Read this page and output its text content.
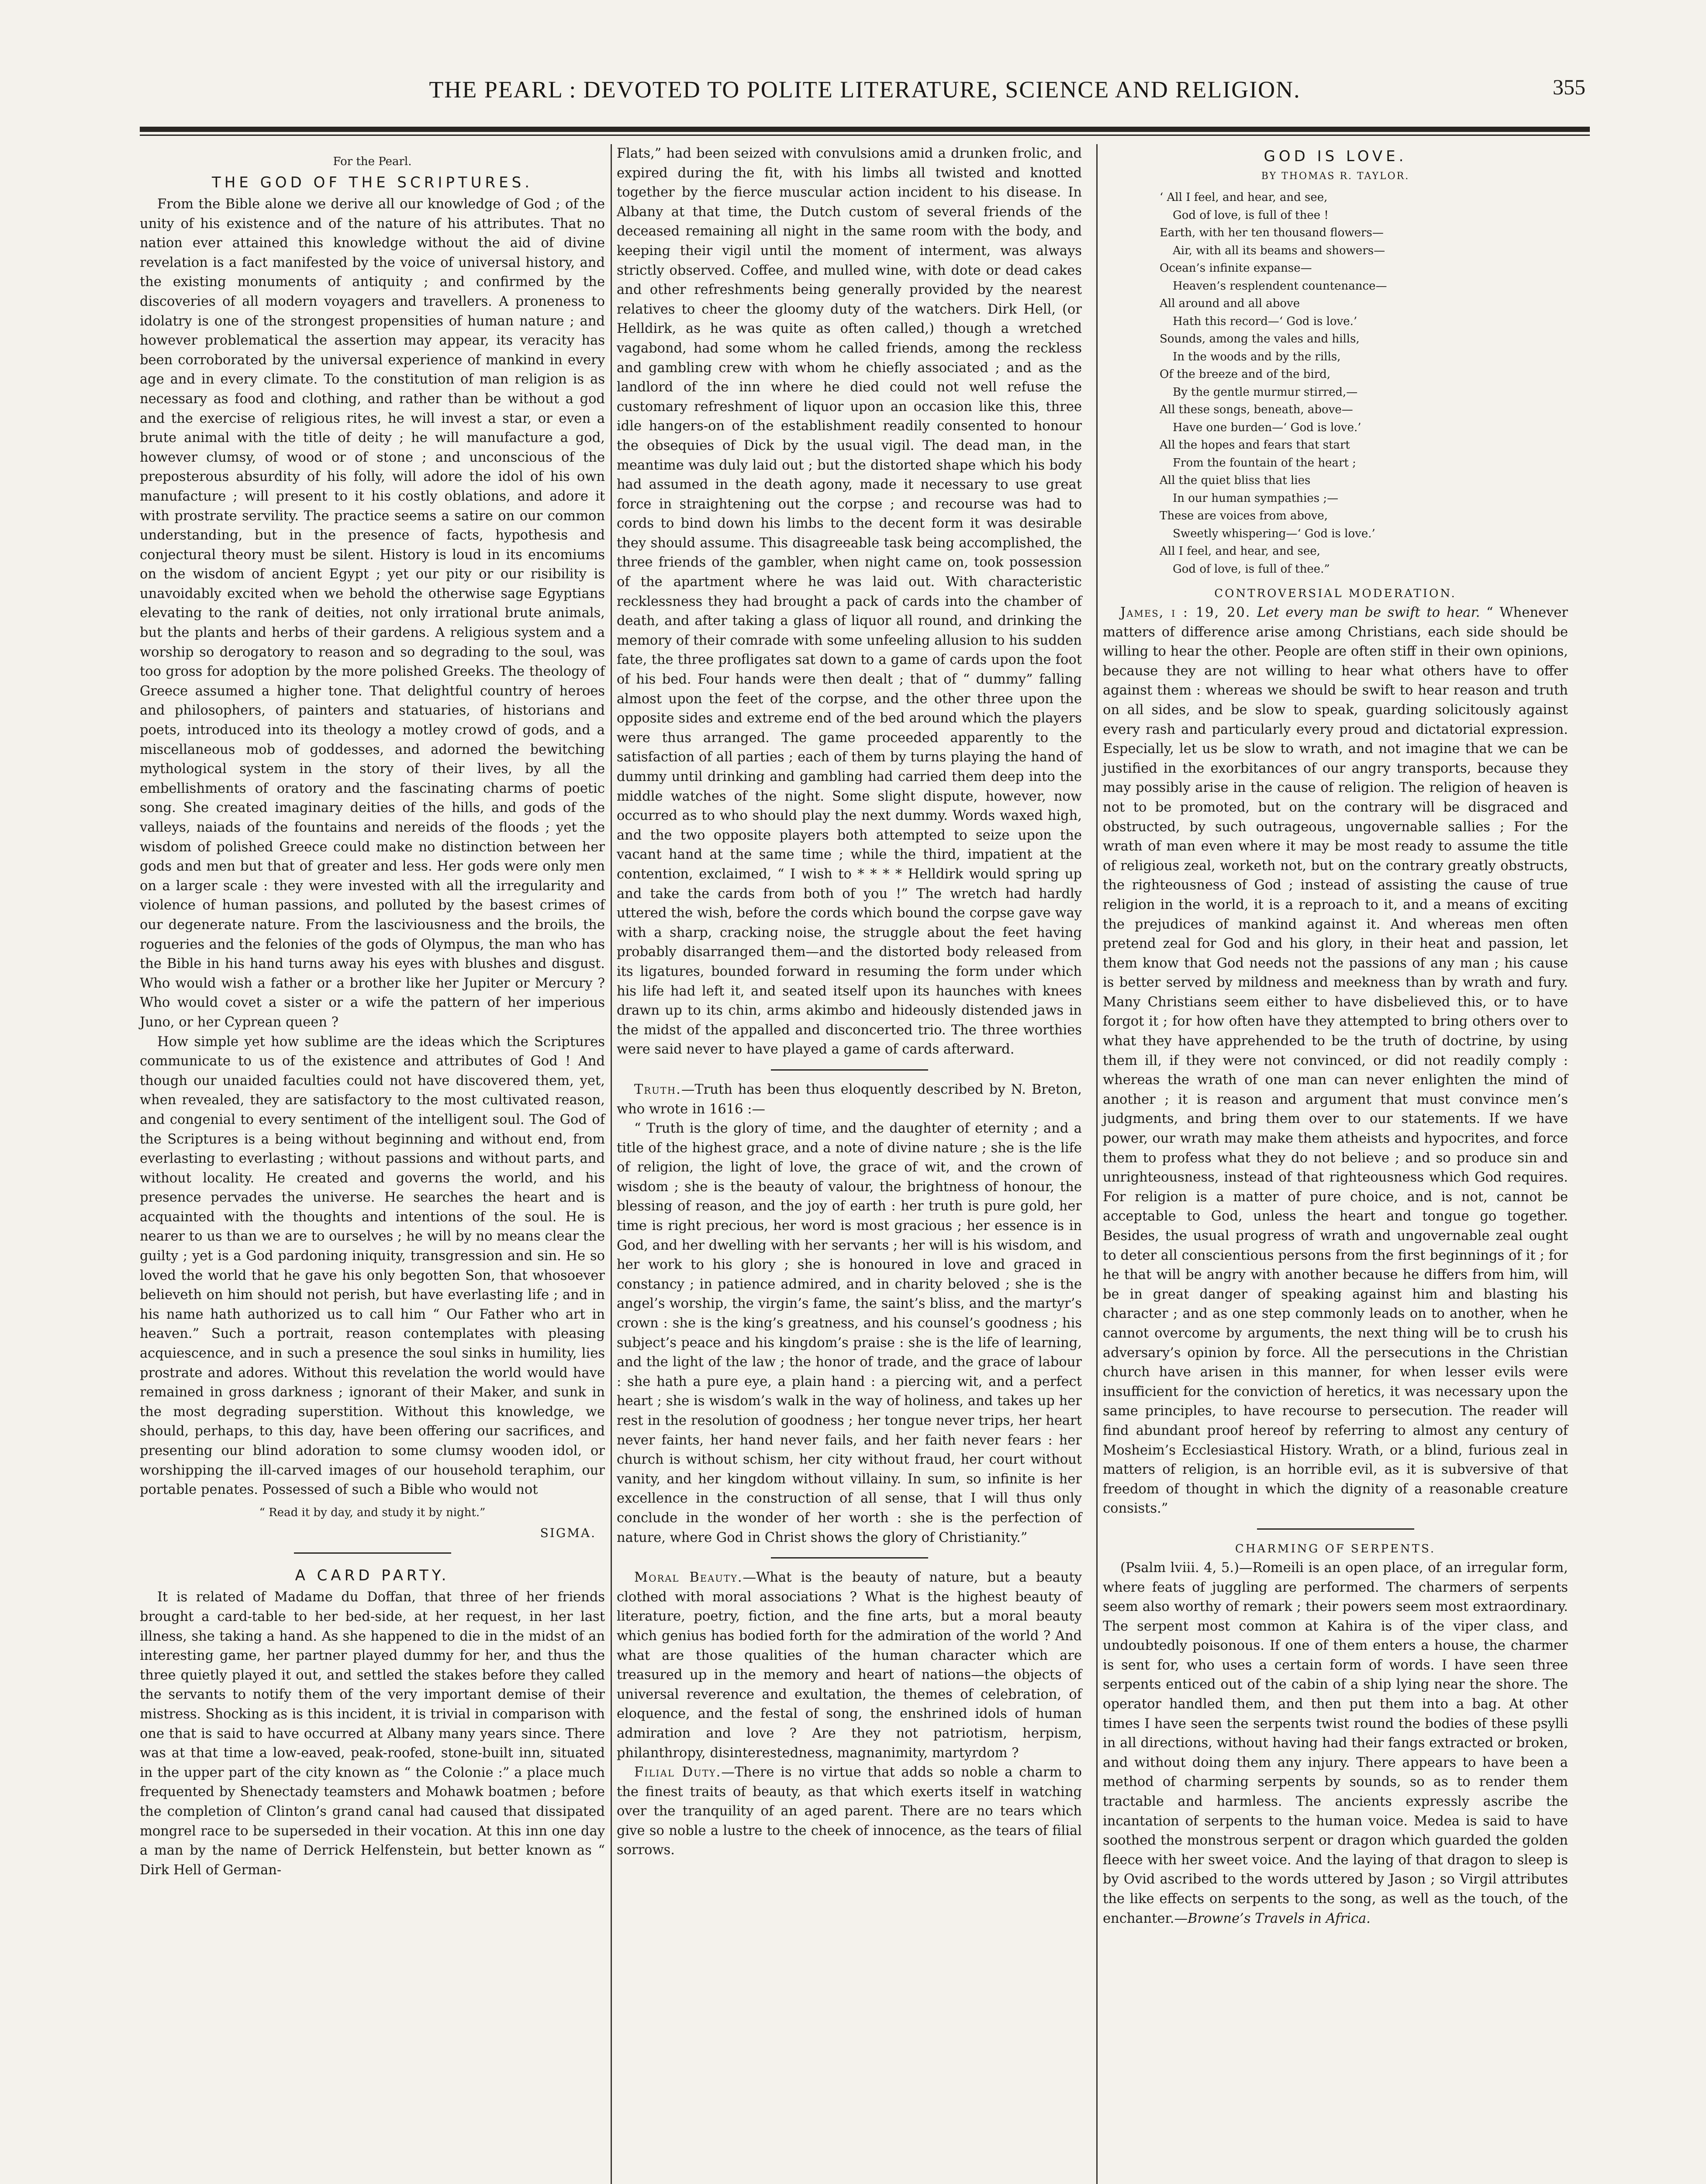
THE PEARL : DEVOTED TO POLITE LITERATURE, SCIENCE AND RELIGION.	355

For the Pearl.

THE GOD OF THE SCRIPTURES.

From the Bible alone we derive all our knowledge of God ; of the unity of his existence and of the nature of his attributes. That no nation ever attained this knowledge without the aid of divine revelation is a fact manifested by the voice of universal history, and the existing monuments of antiquity ; and confirmed by the discoveries of all modern voyagers and travellers. A proneness to idolatry is one of the strongest propensities of human nature ; and however problematical the assertion may appear, its veracity has been corroborated by the universal experience of mankind in every age and in every climate. To the constitution of man religion is as necessary as food and clothing, and rather than be without a god and the exercise of religious rites, he will invest a star, or even a brute animal with the title of deity ; he will manufacture a god, however clumsy, of wood or of stone ; and unconscious of the preposterous absurdity of his folly, will adore the idol of his own manufacture ; will present to it his costly oblations, and adore it with prostrate servility. The practice seems a satire on our common understanding, but in the presence of facts, hypothesis and conjectural theory must be silent. History is loud in its encomiums on the wisdom of ancient Egypt ; yet our pity or our risibility is unavoidably excited when we behold the otherwise sage Egyptians elevating to the rank of deities, not only irrational brute animals, but the plants and herbs of their gardens. A religious system and a worship so derogatory to reason and so degrading to the soul, was too gross for adoption by the more polished Greeks. The theology of Greece assumed a higher tone. That delightful country of heroes and philosophers, of painters and statuaries, of historians and poets, introduced into its theology a motley crowd of gods, and a miscellaneous mob of goddesses, and adorned the bewitching mythological system in the story of their lives, by all the embellishments of oratory and the fascinating charms of poetic song. She created imaginary deities of the hills, and gods of the valleys, naiads of the fountains and nereids of the floods ; yet the wisdom of polished Greece could make no distinction between her gods and men but that of greater and less. Her gods were only men on a larger scale : they were invested with all the irregularity and violence of human passions, and polluted by the basest crimes of our degenerate nature. From the lasciviousness and the broils, the rogueries and the felonies of the gods of Olympus, the man who has the Bible in his hand turns away his eyes with blushes and disgust. Who would wish a father or a brother like her Jupiter or Mercury ? Who would covet a sister or a wife the pattern of her imperious Juno, or her Cyprean queen ?

How simple yet how sublime are the ideas which the Scriptures communicate to us of the existence and attributes of God ! And though our unaided faculties could not have discovered them, yet, when revealed, they are satisfactory to the most cultivated reason, and congenial to every sentiment of the intelligent soul. The God of the Scriptures is a being without beginning and without end, from everlasting to everlasting ; without passions and without parts, and without locality. He created and governs the world, and his presence pervades the universe. He searches the heart and is acquainted with the thoughts and intentions of the soul. He is nearer to us than we are to ourselves ; he will by no means clear the guilty ; yet is a God pardoning iniquity, transgression and sin. He so loved the world that he gave his only begotten Son, that whosoever believeth on him should not perish, but have everlasting life ; and in his name hath authorized us to call him “ Our Father who art in heaven.” Such a portrait, reason contemplates with pleasing acquiescence, and in such a presence the soul sinks in humility, lies prostrate and adores. Without this revelation the world would have remained in gross darkness ; ignorant of their Maker, and sunk in the most degrading superstition. Without this knowledge, we should, perhaps, to this day, have been offering our sacrifices, and presenting our blind adoration to some clumsy wooden idol, or worshipping the ill-carved images of our household teraphim, our portable penates. Possessed of such a Bible who would not

“ Read it by day, and study it by night.”

SIGMA.

A CARD PARTY.

It is related of Madame du Doffan, that three of her friends brought a card-table to her bed-side, at her request, in her last illness, she taking a hand. As she happened to die in the midst of an interesting game, her partner played dummy for her, and thus the three quietly played it out, and settled the stakes before they called the servants to notify them of the very important demise of their mistress. Shocking as is this incident, it is trivial in comparison with one that is said to have occurred at Albany many years since. There was at that time a low-eaved, peak-roofed, stone-built inn, situated in the upper part of the city known as “ the Colonie :” a place much frequented by Shenectady teamsters and Mohawk boatmen ; before the completion of Clinton’s grand canal had caused that dissipated mongrel race to be superseded in their vocation. At this inn one day a man by the name of Derrick Helfenstein, but better known as “ Dirk Hell of German-

Flats,” had been seized with convulsions amid a drunken frolic, and expired during the fit, with his limbs all twisted and knotted together by the fierce muscular action incident to his disease. In Albany at that time, the Dutch custom of several friends of the deceased remaining all night in the same room with the body, and keeping their vigil until the moment of interment, was always strictly observed. Coffee, and mulled wine, with dote or dead cakes and other refreshments being generally provided by the nearest relatives to cheer the gloomy duty of the watchers. Dirk Hell, (or Helldirk, as he was quite as often called,) though a wretched vagabond, had some whom he called friends, among the reckless and gambling crew with whom he chiefly associated ; and as the landlord of the inn where he died could not well refuse the customary refreshment of liquor upon an occasion like this, three idle hangers-on of the establishment readily consented to honour the obsequies of Dick by the usual vigil. The dead man, in the meantime was duly laid out ; but the distorted shape which his body had assumed in the death agony, made it necessary to use great force in straightening out the corpse ; and recourse was had to cords to bind down his limbs to the decent form it was desirable they should assume. This disagreeable task being accomplished, the three friends of the gambler, when night came on, took possession of the apartment where he was laid out. With characteristic recklessness they had brought a pack of cards into the chamber of death, and after taking a glass of liquor all round, and drinking the memory of their comrade with some unfeeling allusion to his sudden fate, the three profligates sat down to a game of cards upon the foot of his bed. Four hands were then dealt ; that of “ dummy” falling almost upon the feet of the corpse, and the other three upon the opposite sides and extreme end of the bed around which the players were thus arranged. The game proceeded apparently to the satisfaction of all parties ; each of them by turns playing the hand of dummy until drinking and gambling had carried them deep into the middle watches of the night. Some slight dispute, however, now occurred as to who should play the next dummy. Words waxed high, and the two opposite players both attempted to seize upon the vacant hand at the same time ; while the third, impatient at the contention, exclaimed, “ I wish to * * * * Helldirk would spring up and take the cards from both of you !” The wretch had hardly uttered the wish, before the cords which bound the corpse gave way with a sharp, cracking noise, the struggle about the feet having probably disarranged them—and the distorted body released from its ligatures, bounded forward in resuming the form under which his life had left it, and seated itself upon its haunches with knees drawn up to its chin, arms akimbo and hideously distended jaws in the midst of the appalled and disconcerted trio. The three worthies were said never to have played a game of cards afterward.

Truth.—Truth has been thus eloquently described by N. Breton, who wrote in 1616 :—

“ Truth is the glory of time, and the daughter of eternity ; and a title of the highest grace, and a note of divine nature ; she is the life of religion, the light of love, the grace of wit, and the crown of wisdom ; she is the beauty of valour, the brightness of honour, the blessing of reason, and the joy of earth : her truth is pure gold, her time is right precious, her word is most gracious ; her essence is in God, and her dwelling with her servants ; her will is his wisdom, and her work to his glory ; she is honoured in love and graced in constancy ; in patience admired, and in charity beloved ; she is the angel’s worship, the virgin’s fame, the saint’s bliss, and the martyr’s crown : she is the king’s greatness, and his counsel’s goodness ; his subject’s peace and his kingdom’s praise : she is the life of learning, and the light of the law ; the honor of trade, and the grace of labour : she hath a pure eye, a plain hand : a piercing wit, and a perfect heart ; she is wisdom’s walk in the way of holiness, and takes up her rest in the resolution of goodness ; her tongue never trips, her heart never faints, her hand never fails, and her faith never fears : her church is without schism, her city without fraud, her court without vanity, and her kingdom without villainy. In sum, so infinite is her excellence in the construction of all sense, that I will thus only conclude in the wonder of her worth : she is the perfection of nature, where God in Christ shows the glory of Christianity.”

Moral Beauty.—What is the beauty of nature, but a beauty clothed with moral associations ? What is the highest beauty of literature, poetry, fiction, and the fine arts, but a moral beauty which genius has bodied forth for the admiration of the world ? And what are those qualities of the human character which are treasured up in the memory and heart of nations—the objects of universal reverence and exultation, the themes of celebration, of eloquence, and the festal of song, the enshrined idols of human admiration and love ? Are they not patriotism, herpism, philanthropy, disinterestedness, magnanimity, martyrdom ?

Filial Duty.—There is no virtue that adds so noble a charm to the finest traits of beauty, as that which exerts itself in watching over the tranquility of an aged parent. There are no tears which give so noble a lustre to the cheek of innocence, as the tears of filial sorrows.

GOD IS LOVE.

BY THOMAS R. TAYLOR.

‘ All I feel, and hear, and see,
God of love, is full of thee !
Earth, with her ten thousand flowers—
Air, with all its beams and showers—
Ocean’s infinite expanse—
Heaven’s resplendent countenance—
All around and all above
Hath this record—‘ God is love.’
Sounds, among the vales and hills,
In the woods and by the rills,
Of the breeze and of the bird,
By the gentle murmur stirred,—
All these songs, beneath, above—
Have one burden—‘ God is love.’
All the hopes and fears that start
From the fountain of the heart ;
All the quiet bliss that lies
In our human sympathies ;—
These are voices from above,
Sweetly whispering—‘ God is love.’
All I feel, and hear, and see,
God of love, is full of thee.”

CONTROVERSIAL MODERATION.

James, i : 19, 20. Let every man be swift to hear. “ Whenever matters of difference arise among Christians, each side should be willing to hear the other. People are often stiff in their own opinions, because they are not willing to hear what others have to offer against them : whereas we should be swift to hear reason and truth on all sides, and be slow to speak, guarding solicitously against every rash and particularly every proud and dictatorial expression. Especially, let us be slow to wrath, and not imagine that we can be justified in the exorbitances of our angry transports, because they may possibly arise in the cause of religion. The religion of heaven is not to be promoted, but on the contrary will be disgraced and obstructed, by such outrageous, ungovernable sallies ; For the wrath of man even where it may be most ready to assume the title of religious zeal, worketh not, but on the contrary greatly obstructs, the righteousness of God ; instead of assisting the cause of true religion in the world, it is a reproach to it, and a means of exciting the prejudices of mankind against it. And whereas men often pretend zeal for God and his glory, in their heat and passion, let them know that God needs not the passions of any man ; his cause is better served by mildness and meekness than by wrath and fury. Many Christians seem either to have disbelieved this, or to have forgot it ; for how often have they attempted to bring others over to what they have apprehended to be the truth of doctrine, by using them ill, if they were not convinced, or did not readily comply : whereas the wrath of one man can never enlighten the mind of another ; it is reason and argument that must convince men’s judgments, and bring them over to our statements. If we have power, our wrath may make them atheists and hypocrites, and force them to profess what they do not believe ; and so produce sin and unrighteousness, instead of that righteousness which God requires. For religion is a matter of pure choice, and is not, cannot be acceptable to God, unless the heart and tongue go together. Besides, the usual progress of wrath and ungovernable zeal ought to deter all conscientious persons from the first beginnings of it ; for he that will be angry with another because he differs from him, will be in great danger of speaking against him and blasting his character ; and as one step commonly leads on to another, when he cannot overcome by arguments, the next thing will be to crush his adversary’s opinion by force. All the persecutions in the Christian church have arisen in this manner, for when lesser evils were insufficient for the conviction of heretics, it was necessary upon the same principles, to have recourse to persecution. The reader will find abundant proof hereof by referring to almost any century of Mosheim’s Ecclesiastical History. Wrath, or a blind, furious zeal in matters of religion, is an horrible evil, as it is subversive of that freedom of thought in which the dignity of a reasonable creature consists.”

CHARMING OF SERPENTS.

(Psalm lviii. 4, 5.)—Romeili is an open place, of an irregular form, where feats of juggling are performed. The charmers of serpents seem also worthy of remark ; their powers seem most extraordinary. The serpent most common at Kahira is of the viper class, and undoubtedly poisonous. If one of them enters a house, the charmer is sent for, who uses a certain form of words. I have seen three serpents enticed out of the cabin of a ship lying near the shore. The operator handled them, and then put them into a bag. At other times I have seen the serpents twist round the bodies of these psylli in all directions, without having had their fangs extracted or broken, and without doing them any injury. There appears to have been a method of charming serpents by sounds, so as to render them tractable and harmless. The ancients expressly ascribe the incantation of serpents to the human voice. Medea is said to have soothed the monstrous serpent or dragon which guarded the golden fleece with her sweet voice. And the laying of that dragon to sleep is by Ovid ascribed to the words uttered by Jason ; so Virgil attributes the like effects on serpents to the song, as well as the touch, of the enchanter.—Browne’s Travels in Africa.
